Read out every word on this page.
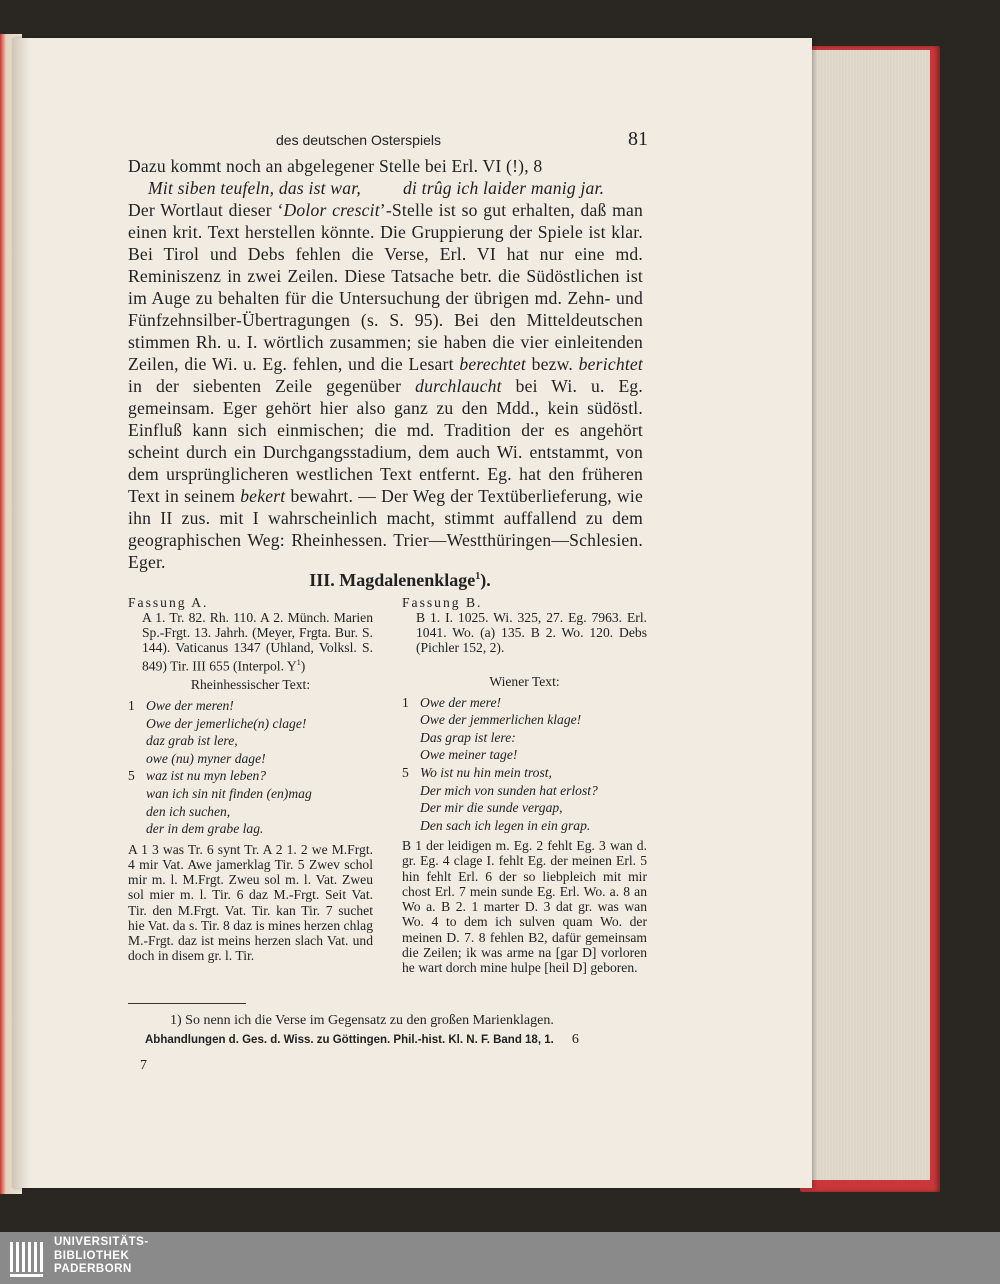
des deutschen Osterspiels	81

Dazu kommt noch an abgelegener Stelle bei Erl. VI (!), 8

Mit siben teufeln, das ist war, di trûg ich laider manig jar.

Der Wortlaut dieser ‘Dolor crescit’-Stelle ist so gut erhalten, daß man einen krit. Text herstellen könnte. Die Gruppierung der Spiele ist klar. Bei Tirol und Debs fehlen die Verse, Erl. VI hat nur eine md. Reminiszenz in zwei Zeilen. Diese Tatsache betr. die Südöstlichen ist im Auge zu behalten für die Untersuchung der übrigen md. Zehn- und Fünfzehnsilber-Übertragungen (s. S. 95). Bei den Mitteldeutschen stimmen Rh. u. I. wörtlich zusammen; sie haben die vier einleitenden Zeilen, die Wi. u. Eg. fehlen, und die Lesart berechtet bezw. berichtet in der siebenten Zeile gegenüber durchlaucht bei Wi. u. Eg. gemeinsam. Eger gehört hier also ganz zu den Mdd., kein südöstl. Einfluß kann sich einmischen; die md. Tradition der es angehört scheint durch ein Durchgangsstadium, dem auch Wi. entstammt, von dem ursprünglicheren westlichen Text entfernt. Eg. hat den früheren Text in seinem bekert bewahrt. — Der Weg der Textüberlieferung, wie ihn II zus. mit I wahrscheinlich macht, stimmt auffallend zu dem geographischen Weg: Rheinhessen. Trier—Westthüringen—Schlesien. Eger.

III. Magdalenenklage$^1$).
Fassung A.
A 1. Tr. 82. Rh. 110. A 2. Münch. Marien Sp.-Frgt. 13. Jahrh. (Meyer, Frgta. Bur. S. 144). Vaticanus 1347 (Uhland, Volksl. S. 849) Tir. III 655 (Interpol. $Y^1$)
Rheinhessischer Text:
1 Owe der meren!
Owe der jemerliche(n) clage!
daz grab ist lere,
owe (nu) myner dage!
5 waz ist nu myn leben?
wan ich sin nit finden (en)mag
den ich suchen,
der in dem grabe lag.
A 1 3 was Tr. 6 synt Tr. A 2 1. 2 we M.Frgt. 4 mir Vat. Awe jamerklag Tir. 5 Zwev schol mir m. l. M.Frgt. Zweu sol m. l. Vat. Zweu sol mier m. l. Tir. 6 daz M.-Frgt. Seit Vat. Tir. den M.Frgt. Vat. Tir. kan Tir. 7 suchet hie Vat. da s. Tir. 8 daz is mines herzen chlag M.-Frgt. daz ist meins herzen slach Vat. und doch in disem gr. l. Tir.
Fassung B.
B 1. I. 1025. Wi. 325, 27. Eg. 7963. Erl. 1041. Wo. (a) 135. B 2. Wo. 120. Debs (Pichler 152, 2).
Wiener Text:
1 Owe der mere!
Owe der jemmerlichen klage!
Das grap ist lere:
Owe meiner tage!
5 Wo ist nu hin mein trost,
Der mich von sunden hat erlost?
Der mir die sunde vergap,
Den sach ich legen in ein grap.
B 1 der leidigen m. Eg. 2 fehlt Eg. 3 wan d. gr. Eg. 4 clage I. fehlt Eg. der meinen Erl. 5 hin fehlt Erl. 6 der so liebpleich mit mir chost Erl. 7 mein sunde Eg. Erl. Wo. a. 8 an Wo a. B 2. 1 marter D. 3 dat gr. was wan Wo. 4 to dem ich sulven quam Wo. der meinen D. 7. 8 fehlen B2, dafür gemeinsam die Zeilen; ik was arme na [gar D] vorloren he wart dorch mine hulpe [heil D] geboren.
1) So nenn ich die Verse im Gegensatz zu den großen Marienklagen.
Abhandlungen d. Ges. d. Wiss. zu Göttingen. Phil.-hist. Kl. N. F. Band 18, 1. 6
7
UNIVERSITÄTS-
BIBLIOTHEK
PADERBORN
